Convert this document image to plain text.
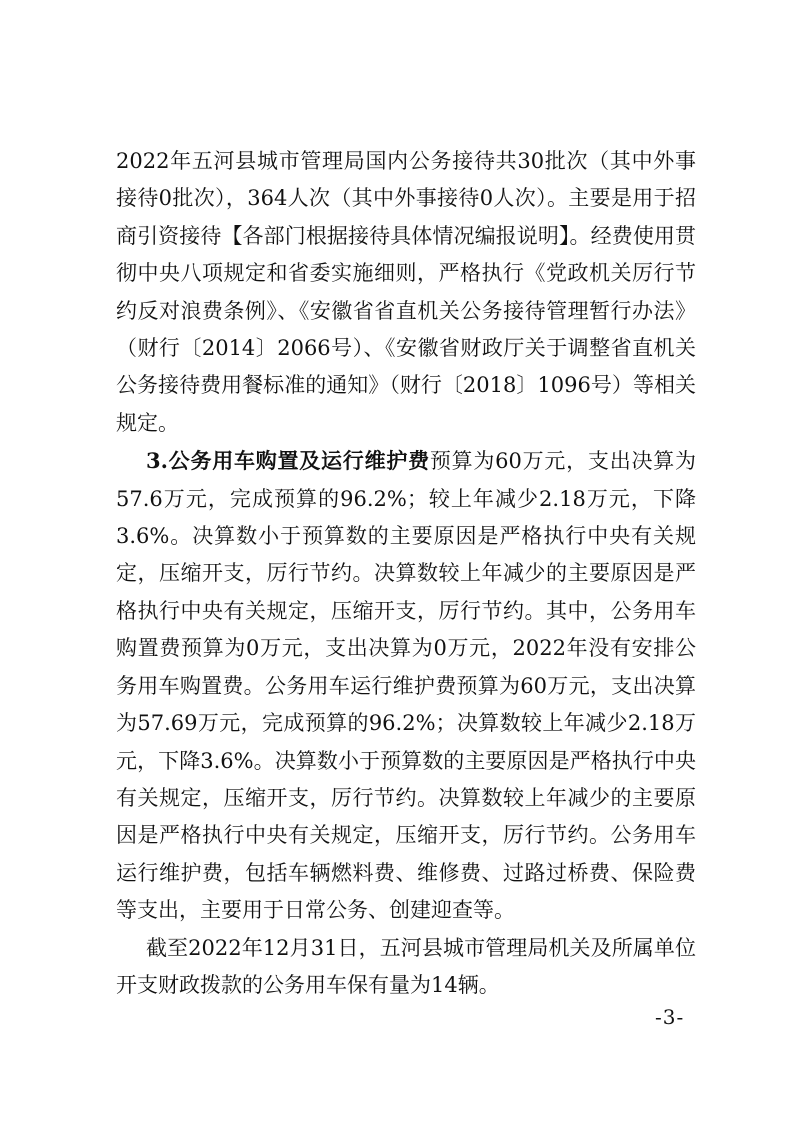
2022年五河县城市管理局国内公务接待共30批次（其中外事接待0批次），364人次（其中外事接待0人次）。主要是用于招商引资接待【各部门根据接待具体情况编报说明】。经费使用贯彻中央八项规定和省委实施细则，严格执行《党政机关厉行节约反对浪费条例》、《安徽省省直机关公务接待管理暂行办法》（财行〔2014〕2066号）、《安徽省财政厅关于调整省直机关公务接待费用餐标准的通知》（财行〔2018〕1096号）等相关规定。

3.公务用车购置及运行维护费预算为60万元，支出决算为57.6万元，完成预算的96.2%；较上年减少2.18万元，下降3.6%。决算数小于预算数的主要原因是严格执行中央有关规定，压缩开支，厉行节约。决算数较上年减少的主要原因是严格执行中央有关规定，压缩开支，厉行节约。其中，公务用车购置费预算为0万元，支出决算为0万元，2022年没有安排公务用车购置费。公务用车运行维护费预算为60万元，支出决算为57.69万元，完成预算的96.2%；决算数较上年减少2.18万元，下降3.6%。决算数小于预算数的主要原因是严格执行中央有关规定，压缩开支，厉行节约。决算数较上年减少的主要原因是严格执行中央有关规定，压缩开支，厉行节约。公务用车运行维护费，包括车辆燃料费、维修费、过路过桥费、保险费等支出，主要用于日常公务、创建迎查等。

截至2022年12月31日，五河县城市管理局机关及所属单位开支财政拨款的公务用车保有量为14辆。

-3-
